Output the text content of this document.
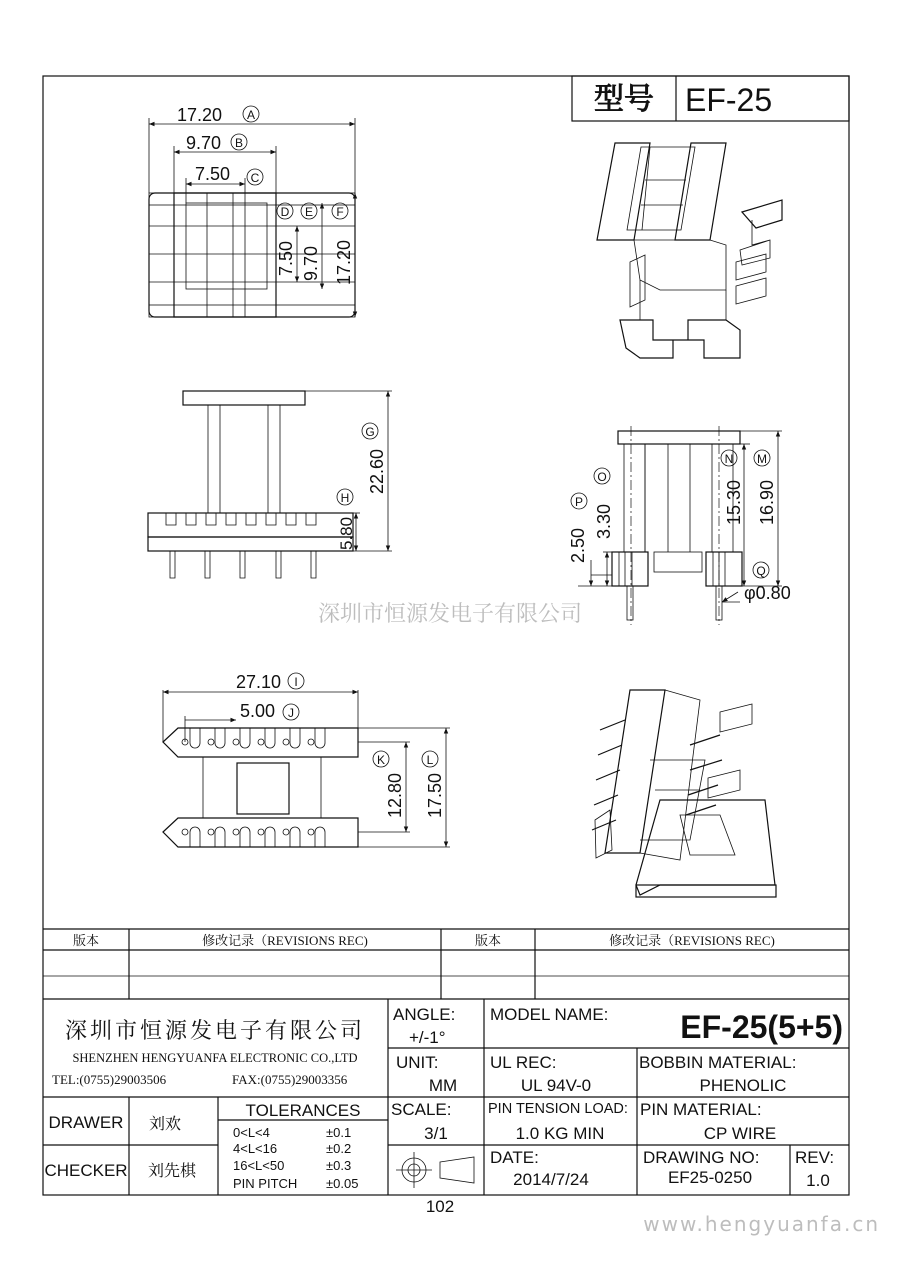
型号 EF-25
17.20 A
9.70 B
7.50 C
D E F
7.50 9.70 17.20
22.60
G
5.80
H
27.10 I
5.00 J
12.80
K
17.50
L
16.90
M
15.30
N
3.30
O
2.50
P
Q
φ0.80
深圳市恒源发电子有限公司
版本	修改记录（REVISIONS REC)	版本	修改记录（REVISIONS REC)
深圳市恒源发电子有限公司
SHENZHEN HENGYUANFA ELECTRONIC CO.,LTD
TEL:(0755)29003506	FAX:(0755)29003356
ANGLE:
+/-1°
MODEL NAME: EF-25(5+5)
UNIT:
MM
UL REC:
UL 94V-0
BOBBIN MATERIAL:
PHENOLIC
DRAWER 刘欢
CHECKER 刘先棋
TOLERANCES
0<L<4	±0.1
4<L<16	±0.2
16<L<50	±0.3
PIN PITCH ±0.05
SCALE:
3/1
PIN TENSION LOAD:
1.0 KG MIN
PIN MATERIAL:
CP WIRE
DATE:
2014/7/24
DRAWING NO:
EF25-0250
REV:
1.0
102
www.hengyuanfa.cn
